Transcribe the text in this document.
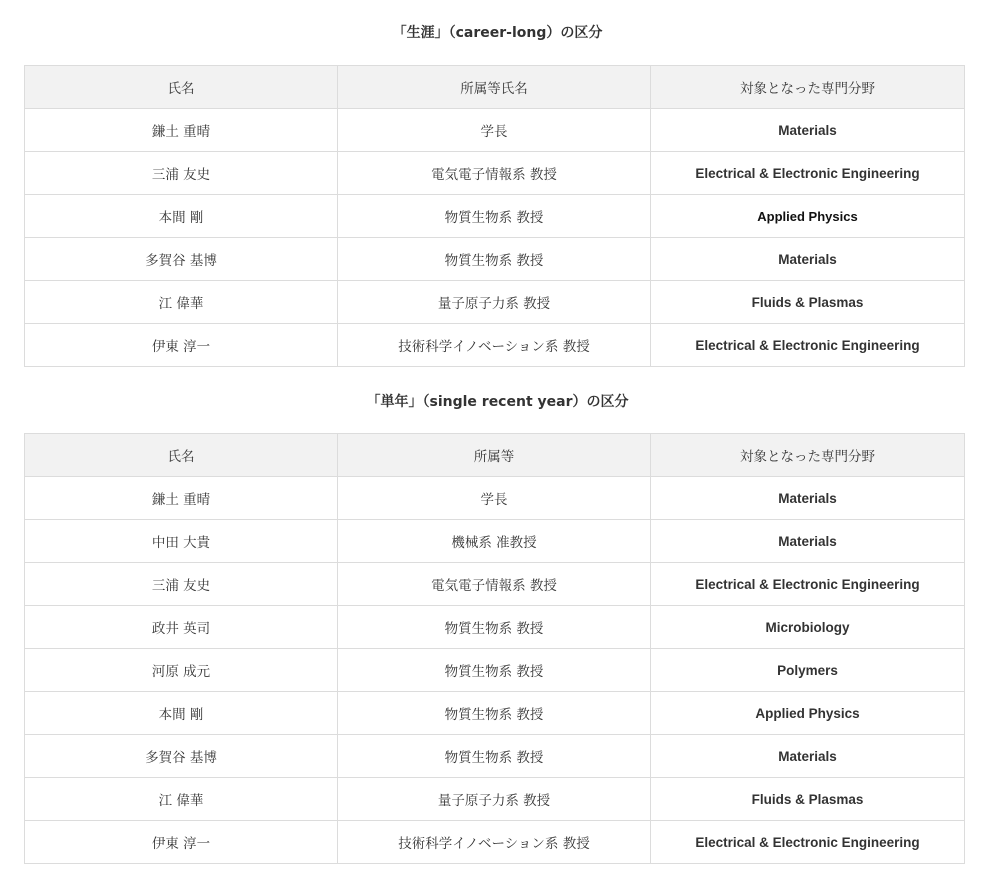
「生涯」（career-long）の区分
氏名	所属等氏名	対象となった専門分野
鎌土 重晴	学長	Materials
三浦 友史	電気電子情報系 教授	Electrical & Electronic Engineering
本間 剛	物質生物系 教授	Applied Physics
多賀谷 基博	物質生物系 教授	Materials
江 偉華	量子原子力系 教授	Fluids & Plasmas
伊東 淳一	技術科学イノベーション系 教授	Electrical & Electronic Engineering
「単年」（single recent year）の区分
氏名	所属等	対象となった専門分野
鎌土 重晴	学長	Materials
中田 大貴	機械系 准教授	Materials
三浦 友史	電気電子情報系 教授	Electrical & Electronic Engineering
政井 英司	物質生物系 教授	Microbiology
河原 成元	物質生物系 教授	Polymers
本間 剛	物質生物系 教授	Applied Physics
多賀谷 基博	物質生物系 教授	Materials
江 偉華	量子原子力系 教授	Fluids & Plasmas
伊東 淳一	技術科学イノベーション系 教授	Electrical & Electronic Engineering
